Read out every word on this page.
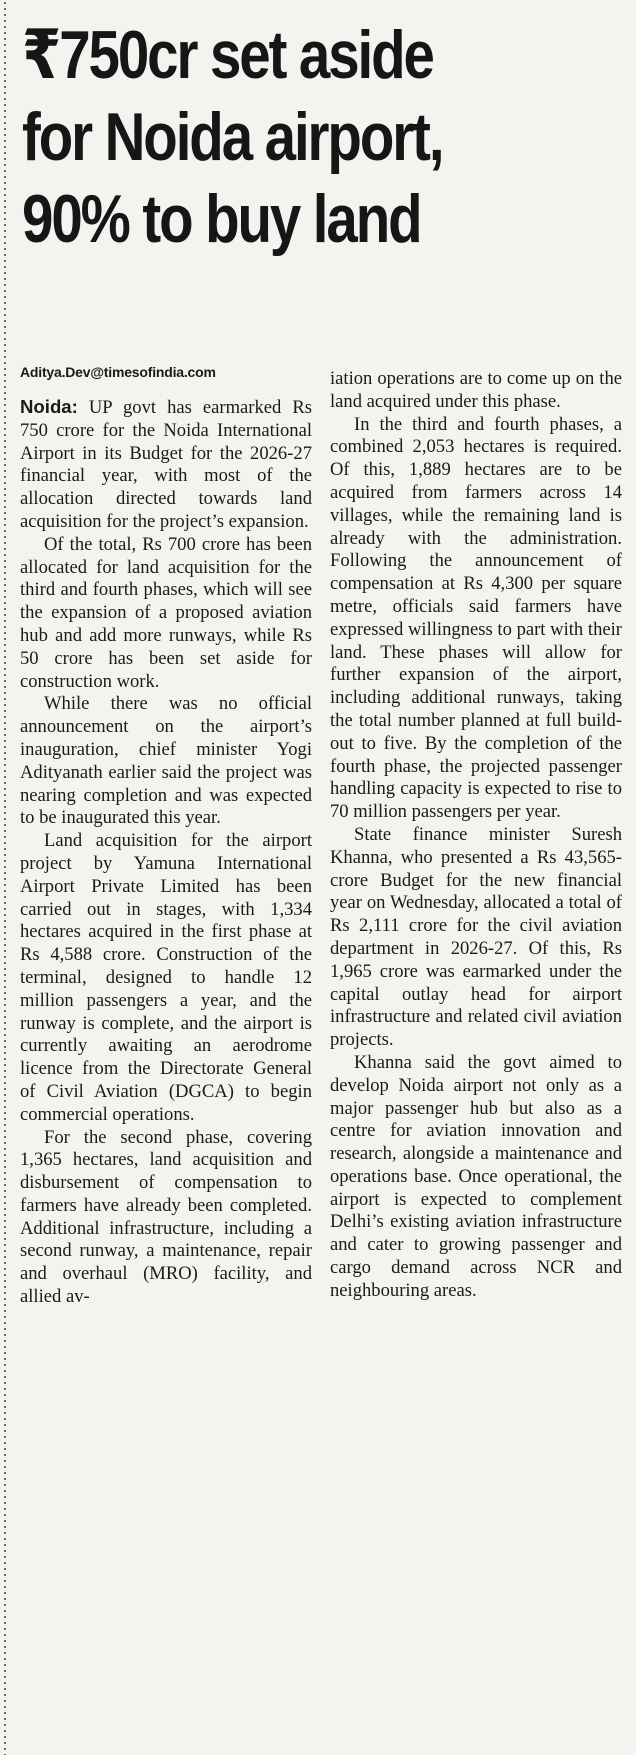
₹750cr set aside
for Noida airport,
90% to buy land
Aditya.Dev@timesofindia.com

Noida: UP govt has earmarked Rs 750 crore for the Noida International Airport in its Budget for the 2026-27 financial year, with most of the allocation directed towards land acquisition for the project’s expansion.

Of the total, Rs 700 crore has been allocated for land acquisition for the third and fourth phases, which will see the expansion of a proposed aviation hub and add more runways, while Rs 50 crore has been set aside for construction work.

While there was no official announcement on the airport’s inauguration, chief minister Yogi Adityanath earlier said the project was nearing completion and was expected to be inaugurated this year.

Land acquisition for the airport project by Yamuna International Airport Private Limited has been carried out in stages, with 1,334 hectares acquired in the first phase at Rs 4,588 crore. Construction of the terminal, designed to handle 12 million passengers a year, and the runway is complete, and the airport is currently awaiting an aerodrome licence from the Directorate General of Civil Aviation (DGCA) to begin commercial operations.

For the second phase, covering 1,365 hectares, land acquisition and disbursement of compensation to farmers have already been completed. Additional infrastructure, including a second runway, a maintenance, repair and overhaul (MRO) facility, and allied av-

iation operations are to come up on the land acquired under this phase.

In the third and fourth phases, a combined 2,053 hectares is required. Of this, 1,889 hectares are to be acquired from farmers across 14 villages, while the remaining land is already with the administration. Following the announcement of compensation at Rs 4,300 per square metre, officials said farmers have expressed willingness to part with their land. These phases will allow for further expansion of the airport, including additional runways, taking the total number planned at full build-out to five. By the completion of the fourth phase, the projected passenger handling capacity is expected to rise to 70 million passengers per year.

State finance minister Suresh Khanna, who presented a Rs 43,565-crore Budget for the new financial year on Wednesday, allocated a total of Rs 2,111 crore for the civil aviation department in 2026-27. Of this, Rs 1,965 crore was earmarked under the capital outlay head for airport infrastructure and related civil aviation projects.

Khanna said the govt aimed to develop Noida airport not only as a major passenger hub but also as a centre for aviation innovation and research, alongside a maintenance and operations base. Once operational, the airport is expected to complement Delhi’s existing aviation infrastructure and cater to growing passenger and cargo demand across NCR and neighbouring areas.
